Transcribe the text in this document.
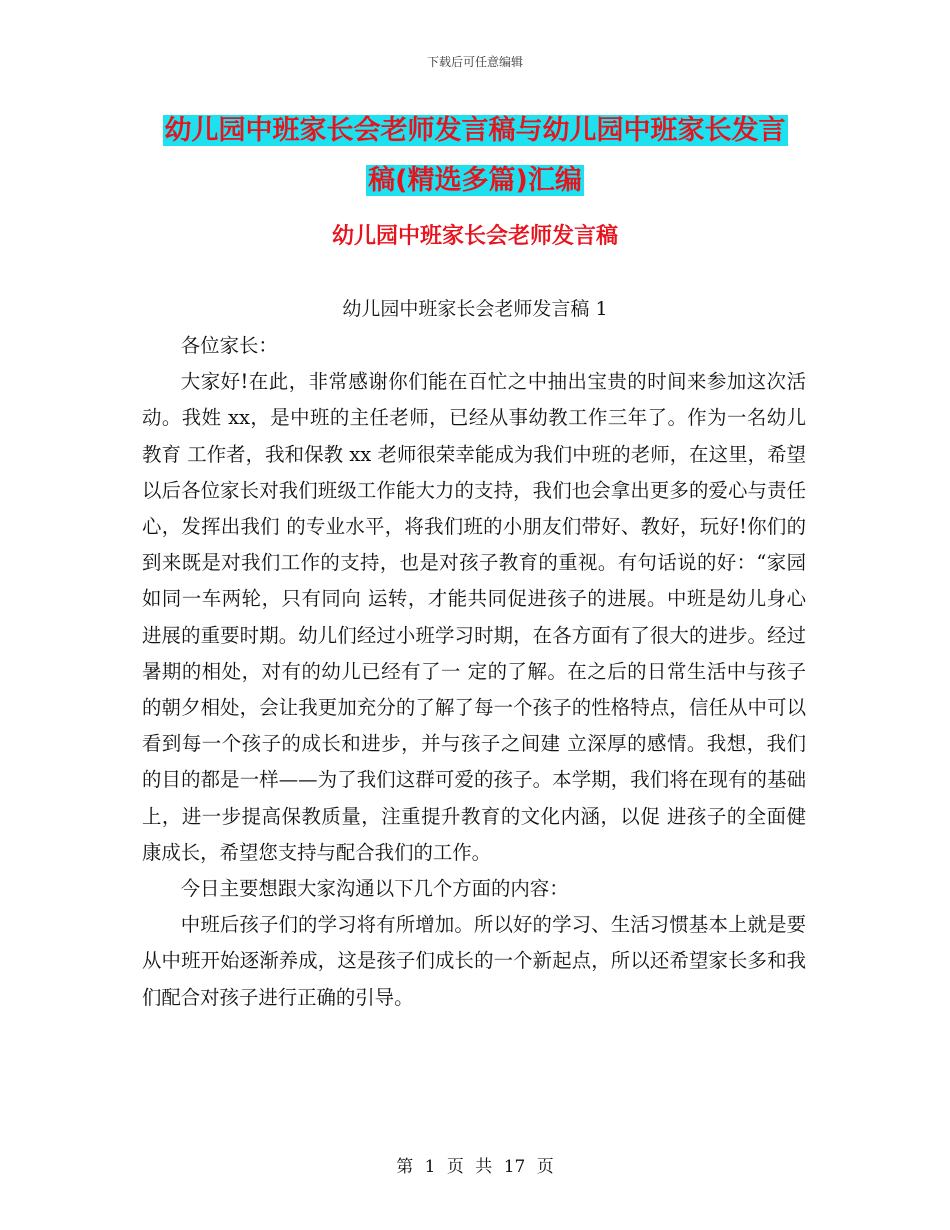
下载后可任意编辑
幼儿园中班家长会老师发言稿与幼儿园中班家长发言
稿(精选多篇)汇编
幼儿园中班家长会老师发言稿
幼儿园中班家长会老师发言稿 1

各位家长：

大家好!在此，非常感谢你们能在百忙之中抽出宝贵的时间来参加这次活动。我姓 xx，是中班的主任老师，已经从事幼教工作三年了。作为一名幼儿教育 工作者，我和保教 xx 老师很荣幸能成为我们中班的老师，在这里，希望以后各位家长对我们班级工作能大力的支持，我们也会拿出更多的爱心与责任心，发挥出我们 的专业水平，将我们班的小朋友们带好、教好，玩好!你们的到来既是对我们工作的支持，也是对孩子教育的重视。有句话说的好：“家园如同一车两轮，只有同向 运转，才能共同促进孩子的进展。中班是幼儿身心进展的重要时期。幼儿们经过小班学习时期，在各方面有了很大的进步。经过暑期的相处，对有的幼儿已经有了一 定的了解。在之后的日常生活中与孩子的朝夕相处，会让我更加充分的了解了每一个孩子的性格特点，信任从中可以看到每一个孩子的成长和进步，并与孩子之间建 立深厚的感情。我想，我们的目的都是一样——为了我们这群可爱的孩子。本学期，我们将在现有的基础上，进一步提高保教质量，注重提升教育的文化内涵，以促 进孩子的全面健康成长，希望您支持与配合我们的工作。

今日主要想跟大家沟通以下几个方面的内容：

中班后孩子们的学习将有所增加。所以好的学习、生活习惯基本上就是要从中班开始逐渐养成，这是孩子们成长的一个新起点，所以还希望家长多和我们配合对孩子进行正确的引导。

第 1 页 共 17 页
